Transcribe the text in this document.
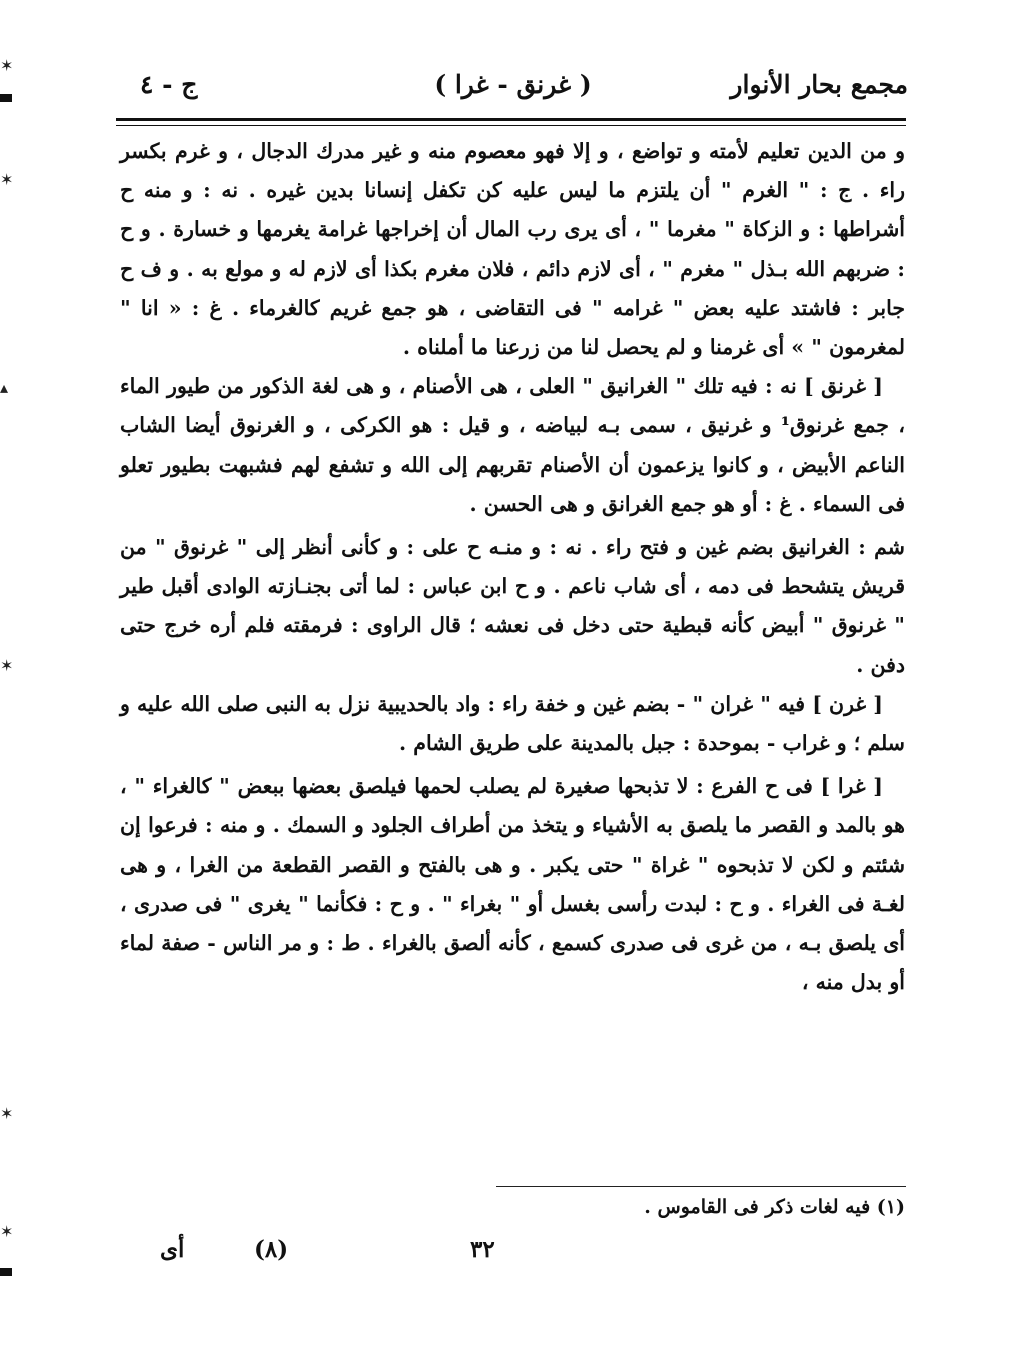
مجمع بحار الأنوار
( غرنق - غرا )
ج - ٤

و من الدين تعليم لأمته و تواضع ، و إلا فهو معصوم منه و غير مدرك الدجال ، و غرم بكسر راء . ج : " الغرم " أن يلتزم ما ليس عليه كن تكفل إنسانا بدين غيره . نه : و منه ح أشراطها : و الزكاة " مغرما " ، أى يرى رب المال أن إخراجها غرامة يغرمها و خسارة . و ح : ضربهم الله بـذل " مغرم " ، أى لازم دائم ، فلان مغرم بكذا أى لازم له و مولع به . و ف ح جابر : فاشتد عليه بعض " غرامه " فى التقاضى ، هو جمع غريم كالغرماء . غ : « انا " لمغرمون " » أى غرمنا و لم يحصل لنا من زرعنا ما أملناه .

[ غرنق ] نه : فيه تلك " الغرانيق " العلى ، هى الأصنام ، و هى لغة الذكور من طيور الماء ، جمع غرنوق¹ و غرنيق ، سمى بـه لبياضه ، و قيل : هو الكركى ، و الغرنوق أيضا الشاب الناعم الأبيض ، و كانوا يزعمون أن الأصنام تقربهم إلى الله و تشفع لهم فشبهت بطيور تعلو فى السماء . غ : أو هو جمع الغرانق و هى الحسن .

شم : الغرانيق بضم غين و فتح راء . نه : و منـه ح على : و كأنى أنظر إلى " غرنوق " من قريش يتشحط فى دمه ، أى شاب ناعم . و ح ابن عباس : لما أتى بجنـازته الوادى أقبل طير " غرنوق " أبيض كأنه قبطية حتى دخل فى نعشه ؛ قال الراوى : فرمقته فلم أره خرج حتى دفن .

[ غرن ] فيه " غران " - بضم غين و خفة راء : واد بالحديبية نزل به النبى صلى الله عليه و سلم ؛ و غراب - بموحدة : جبل بالمدينة على طريق الشام .

[ غرا ] فى ح الفرع : لا تذبحها صغيرة لم يصلب لحمها فيلصق بعضها ببعض " كالغراء " ، هو بالمد و القصر ما يلصق به الأشياء و يتخذ من أطراف الجلود و السمك . و منه : فرعوا إن شئتم و لكن لا تذبحوه " غراة " حتى يكبر . و هى بالفتح و القصر القطعة من الغرا ، و هى لغـة فى الغراء . و ح : لبدت رأسى بغسل أو " بغراء " . و ح : فكأنما " يغرى " فى صدرى ، أى يلصق بـه ، من غرى فى صدرى كسمع ، كأنه ألصق بالغراء . ط : و مر الناس - صفة لماء أو بدل منه ،

(١) فيه لغات ذكر فى القاموس .
٣٢
(٨)
أى
✶
✶
▴
✶
✶
✶
